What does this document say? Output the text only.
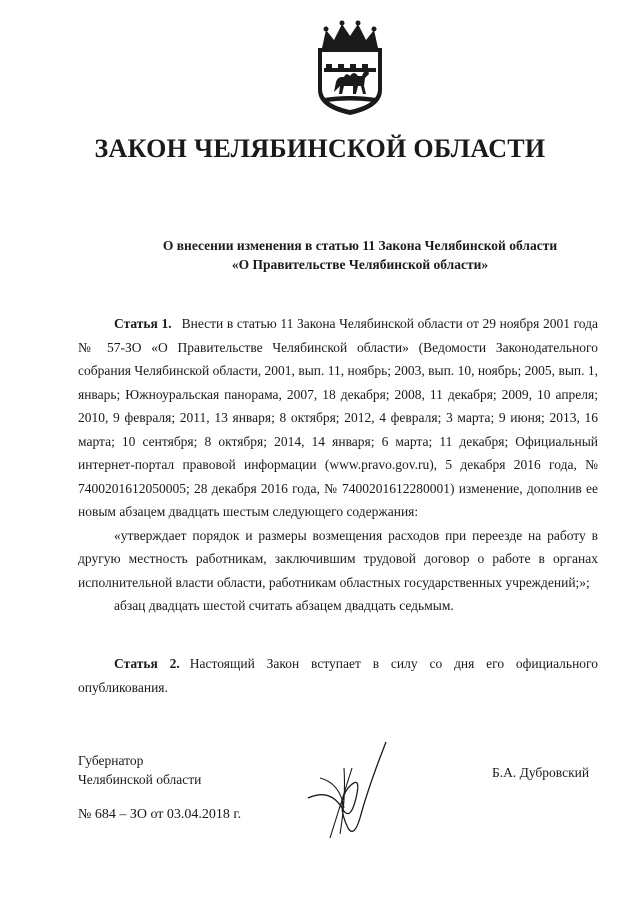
ЗАКОН ЧЕЛЯБИНСКОЙ ОБЛАСТИ
О внесении изменения в статью 11 Закона Челябинской области
«О Правительстве Челябинской области»

Статья 1. Внести в статью 11 Закона Челябинской области от 29 ноября 2001 года № 57-ЗО «О Правительстве Челябинской области» (Ведомости Законодательного собрания Челябинской области, 2001, вып. 11, ноябрь; 2003, вып. 10, ноябрь; 2005, вып. 1, январь; Южноуральская панорама, 2007, 18 декабря; 2008, 11 декабря; 2009, 10 апреля; 2010, 9 февраля; 2011, 13 января; 8 октября; 2012, 4 февраля; 3 марта; 9 июня; 2013, 16 марта; 10 сентября; 8 октября; 2014, 14 января; 6 марта; 11 декабря; Официальный интернет-портал правовой информации (www.pravo.gov.ru), 5 декабря 2016 года, № 7400201612050005; 28 декабря 2016 года, № 7400201612280001) изменение, дополнив ее новым абзацем двадцать шестым следующего содержания:

«утверждает порядок и размеры возмещения расходов при переезде на работу в другую местность работникам, заключившим трудовой договор о работе в органах исполнительной власти области, работникам областных государственных учреждений;»;

абзац двадцать шестой считать абзацем двадцать седьмым.

Статья 2. Настоящий Закон вступает в силу со дня его официального опубликования.

Губернатор
Челябинской области	Б.А. Дубровский
№ 684 – ЗО от 03.04.2018 г.
